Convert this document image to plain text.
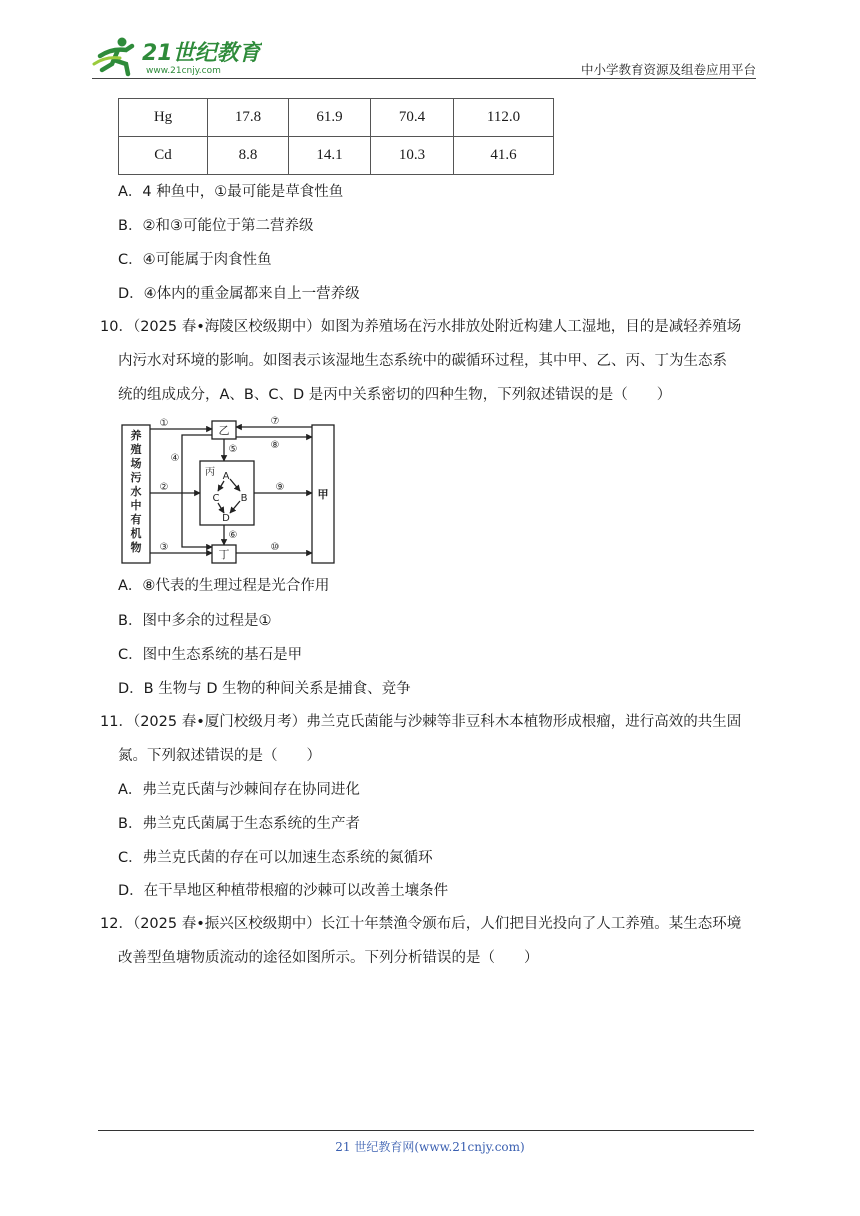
21世纪教育
www.21cnjy.com	中小学教育资源及组卷应用平台
Hg	17.8	61.9	70.4	112.0
Cd	8.8	14.1	10.3	41.6
A．4 种鱼中，①最可能是草食性鱼
B．②和③可能位于第二营养级
C．④可能属于肉食性鱼
D．④体内的重金属都来自上一营养级
10．（2025 春•海陵区校级期中）如图为养殖场在污水排放处附近构建人工湿地，目的是减轻养殖场
内污水对环境的影响。如图表示该湿地生态系统中的碳循环过程，其中甲、乙、丙、丁为生态系
统的组成成分，A、B、C、D 是丙中关系密切的四种生物，下列叙述错误的是（　　）
养
殖
场
污
水
中
有
机
物
甲
乙
丙
丁
A
B
C
D
①
②
③
④
⑤
⑥
⑦
⑧
⑨
⑩
A．⑧代表的生理过程是光合作用
B．图中多余的过程是①
C．图中生态系统的基石是甲
D．B 生物与 D 生物的种间关系是捕食、竞争
11．（2025 春•厦门校级月考）弗兰克氏菌能与沙棘等非豆科木本植物形成根瘤，进行高效的共生固
氮。下列叙述错误的是（　　）
A．弗兰克氏菌与沙棘间存在协同进化
B．弗兰克氏菌属于生态系统的生产者
C．弗兰克氏菌的存在可以加速生态系统的氮循环
D．在干旱地区种植带根瘤的沙棘可以改善土壤条件
12．（2025 春•振兴区校级期中）长江十年禁渔令颁布后，人们把目光投向了人工养殖。某生态环境
改善型鱼塘物质流动的途径如图所示。下列分析错误的是（　　）
21 世纪教育网(www.21cnjy.com)
